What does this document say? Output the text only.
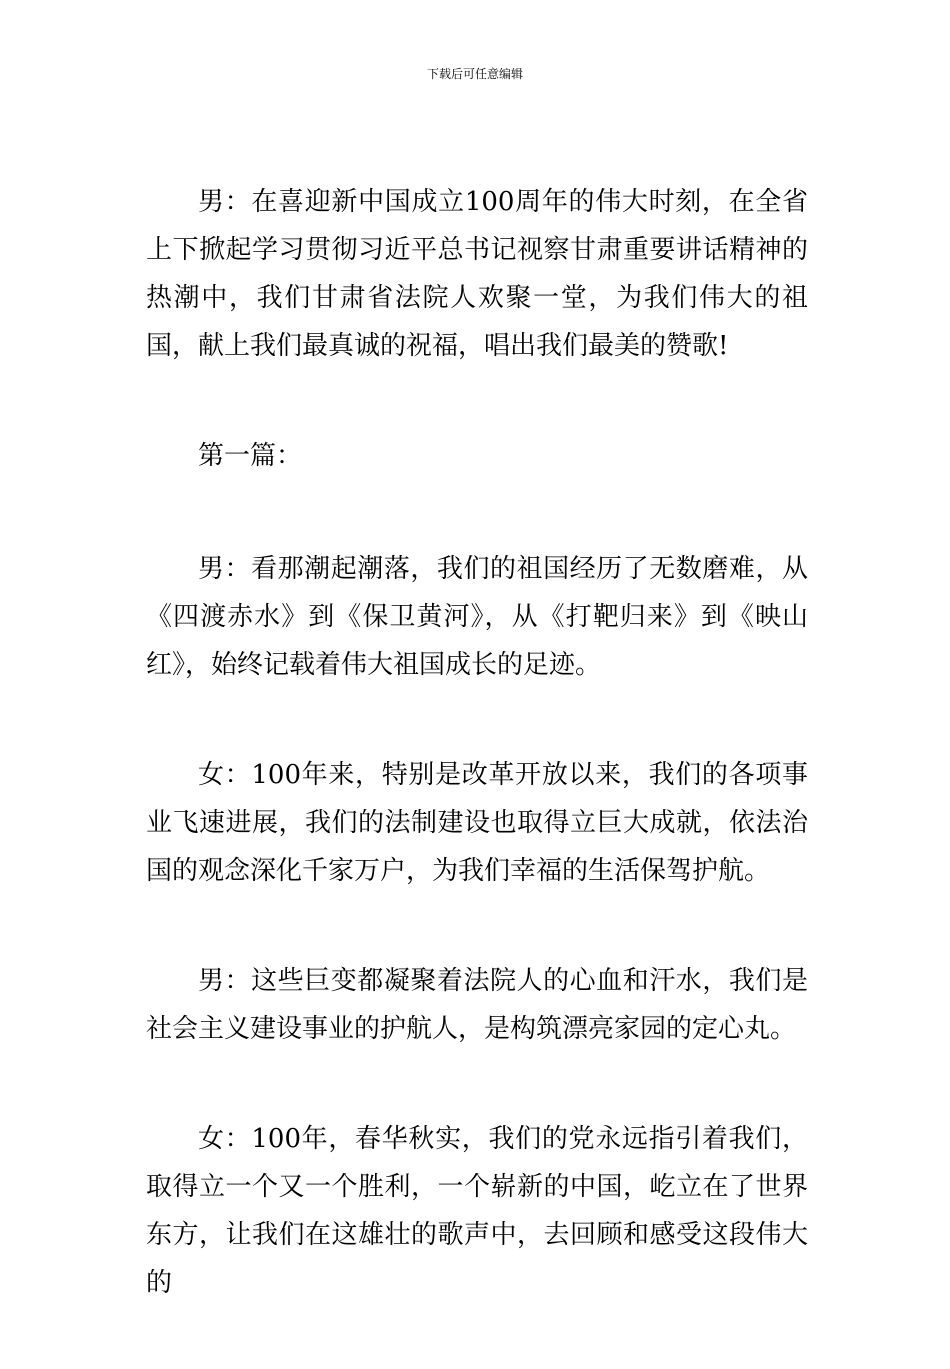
下载后可任意编辑

男：在喜迎新中国成立100周年的伟大时刻，在全省上下掀起学习贯彻习近平总书记视察甘肃重要讲话精神的热潮中，我们甘肃省法院人欢聚一堂，为我们伟大的祖国，献上我们最真诚的祝福，唱出我们最美的赞歌!

第一篇：

男：看那潮起潮落，我们的祖国经历了无数磨难，从《四渡赤水》到《保卫黄河》，从《打靶归来》到《映山红》，始终记载着伟大祖国成长的足迹。

女：100年来，特别是改革开放以来，我们的各项事业飞速进展，我们的法制建设也取得立巨大成就，依法治国的观念深化千家万户，为我们幸福的生活保驾护航。

男：这些巨变都凝聚着法院人的心血和汗水，我们是社会主义建设事业的护航人，是构筑漂亮家园的定心丸。

女：100年，春华秋实，我们的党永远指引着我们，取得立一个又一个胜利，一个崭新的中国，屹立在了世界东方，让我们在这雄壮的歌声中，去回顾和感受这段伟大的
